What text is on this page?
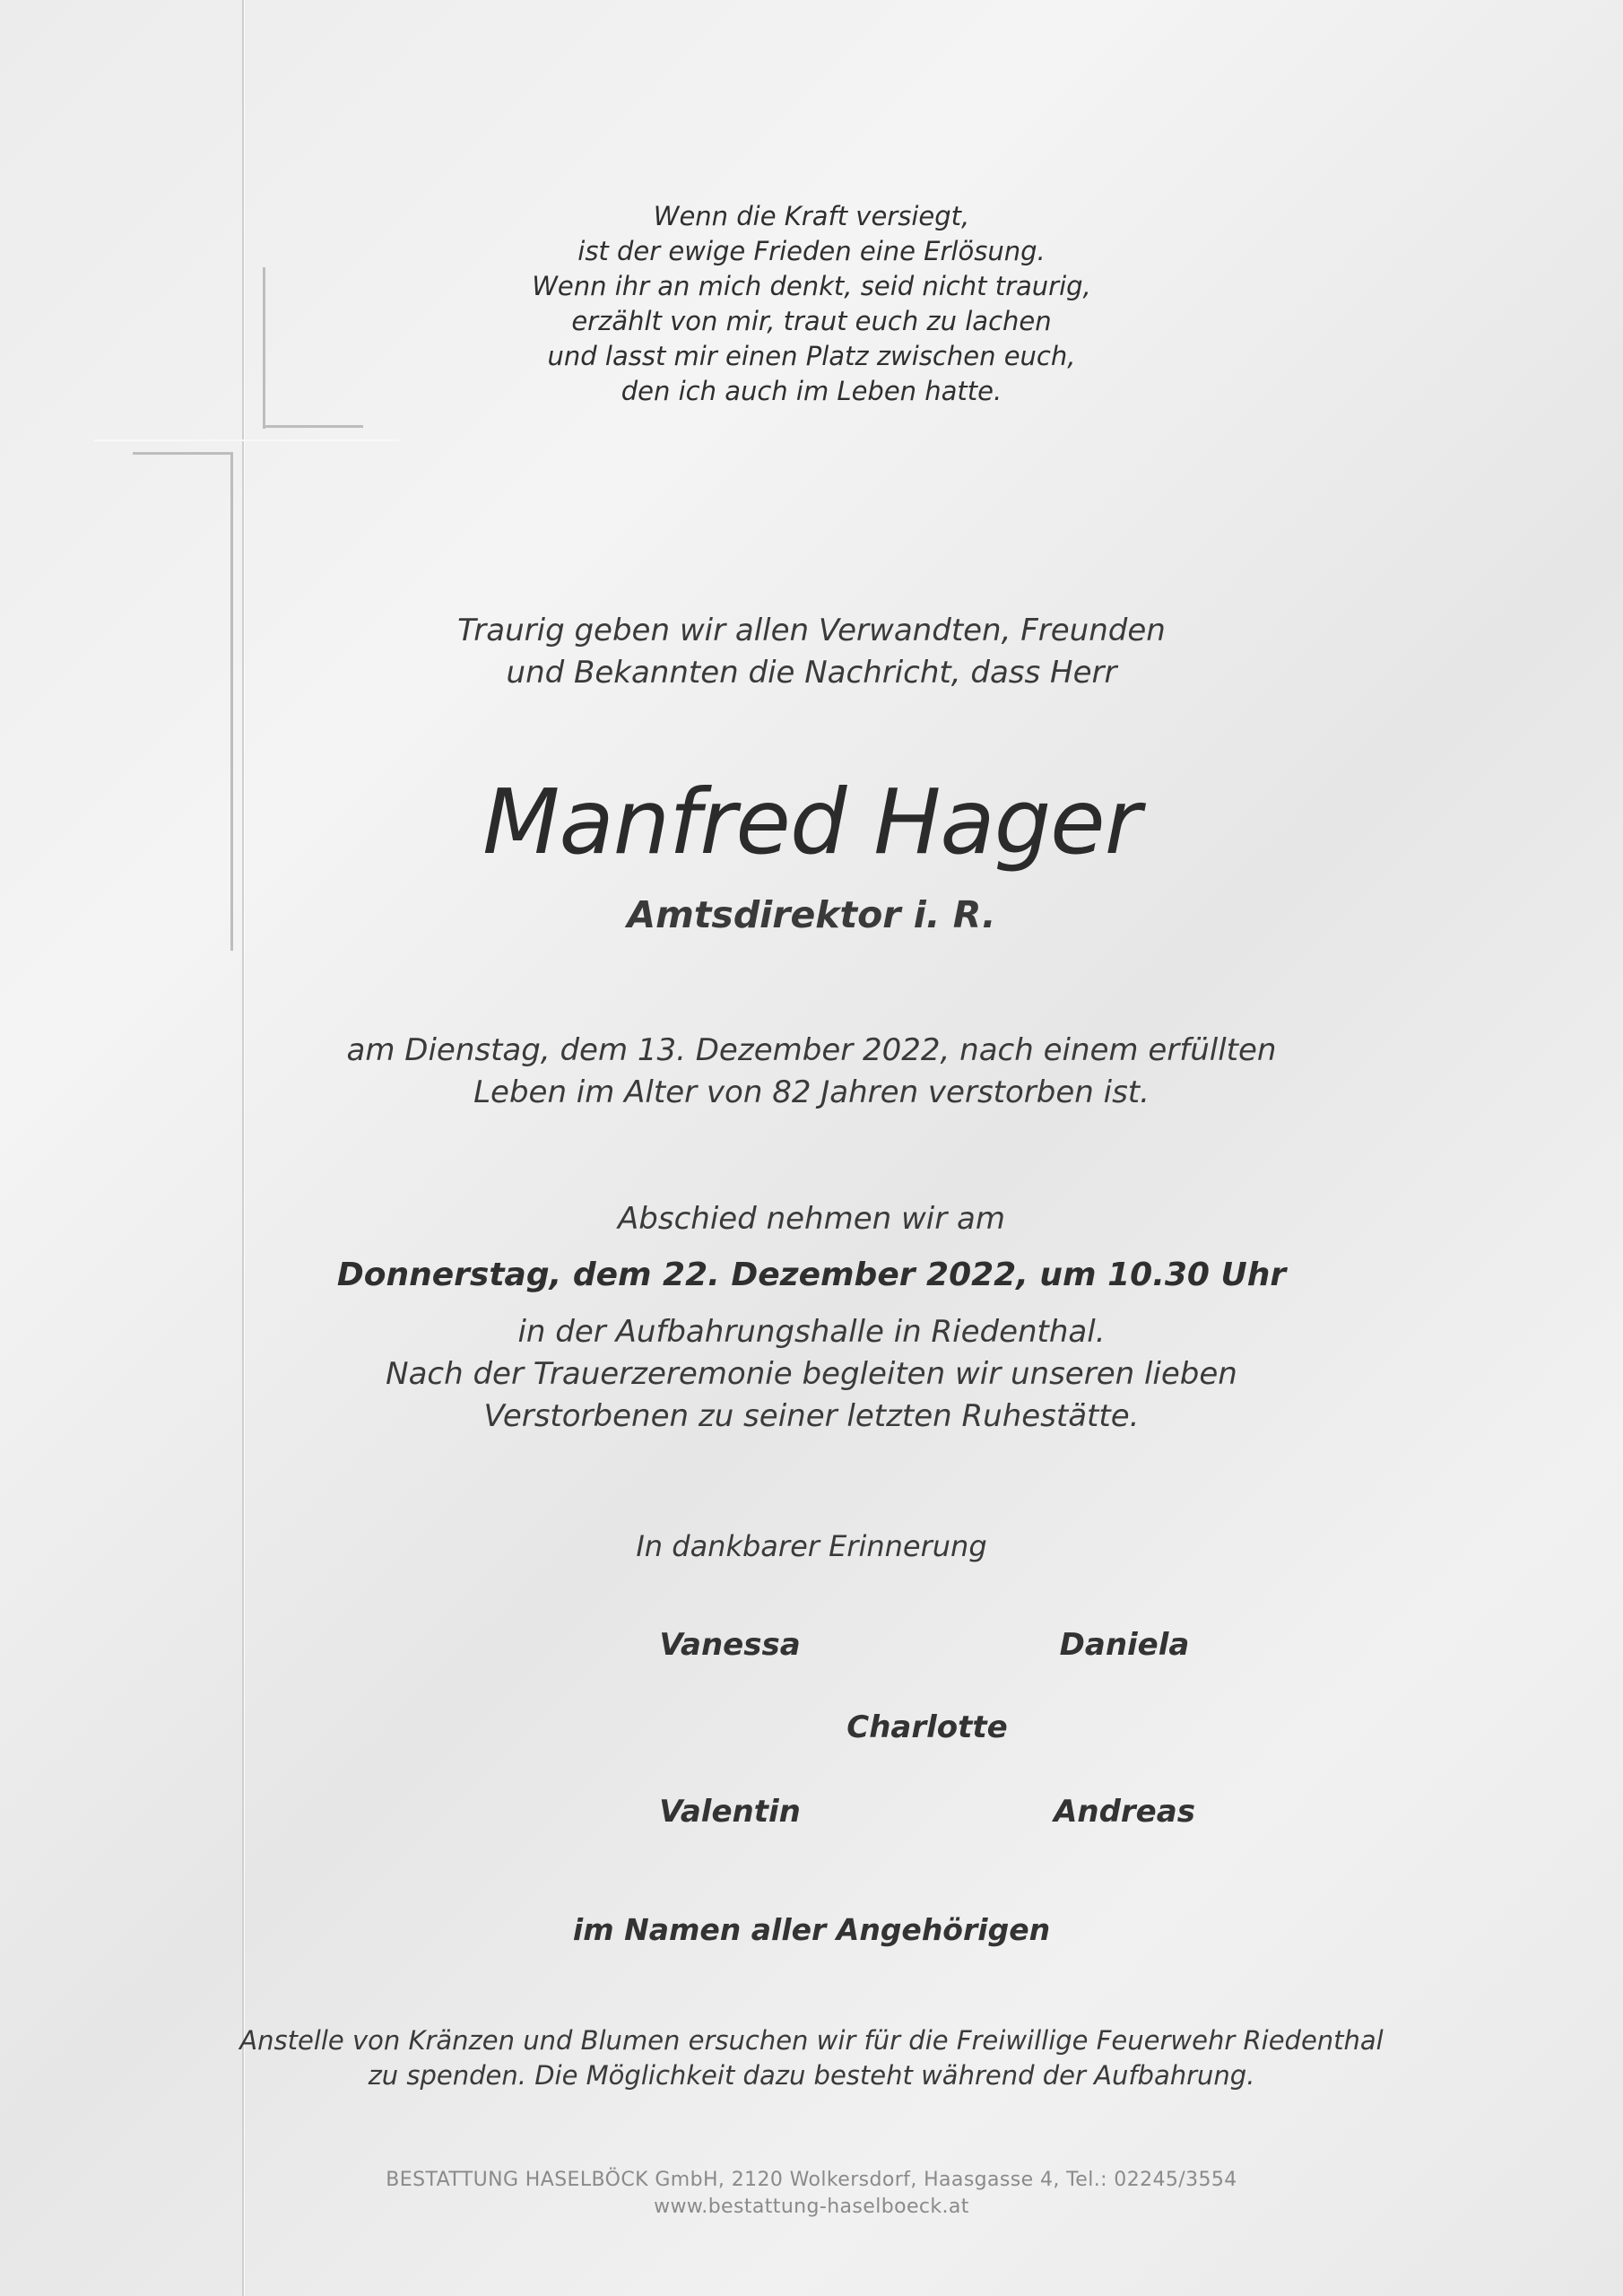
Wenn die Kraft versiegt,
ist der ewige Frieden eine Erlösung.
Wenn ihr an mich denkt, seid nicht traurig,
erzählt von mir, traut euch zu lachen
und lasst mir einen Platz zwischen euch,
den ich auch im Leben hatte.
Traurig geben wir allen Verwandten, Freunden
und Bekannten die Nachricht, dass Herr
Manfred Hager
Amtsdirektor i. R.
am Dienstag, dem 13. Dezember 2022, nach einem erfüllten
Leben im Alter von 82 Jahren verstorben ist.
Abschied nehmen wir am
Donnerstag, dem 22. Dezember 2022, um 10.30 Uhr
in der Aufbahrungshalle in Riedenthal.
Nach der Trauerzeremonie begleiten wir unseren lieben
Verstorbenen zu seiner letzten Ruhestätte.
In dankbarer Erinnerung
Vanessa	Daniela
Charlotte
Valentin	Andreas
im Namen aller Angehörigen
Anstelle von Kränzen und Blumen ersuchen wir für die Freiwillige Feuerwehr Riedenthal
zu spenden. Die Möglichkeit dazu besteht während der Aufbahrung.
BESTATTUNG HASELBÖCK GmbH, 2120 Wolkersdorf, Haasgasse 4, Tel.: 02245/3554
www.bestattung-haselboeck.at
